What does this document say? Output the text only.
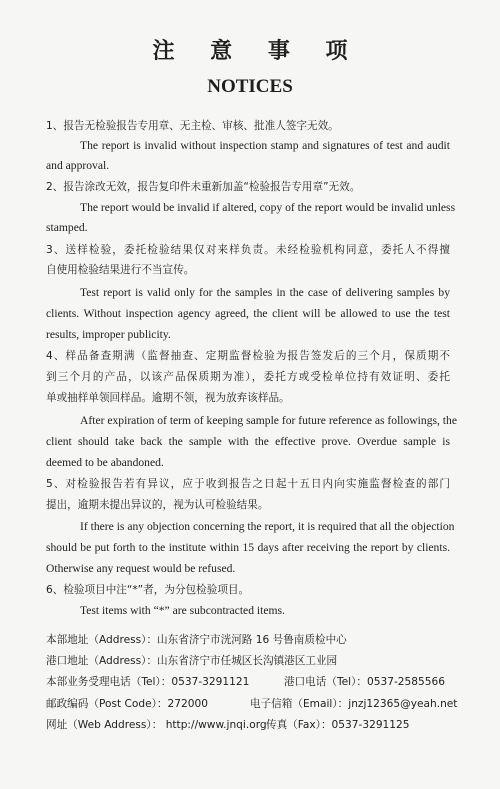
注 意 事 项
NOTICES
1、报告无检验报告专用章、无主检、审核、批准人签字无效。
The report is invalid without inspection stamp and signatures of test and audit
and approval.
2、报告涂改无效，报告复印件未重新加盖“检验报告专用章”无效。
The report would be invalid if altered, copy of the report would be invalid unless
stamped.
3、送样检验，委托检验结果仅对来样负责。未经检验机构同意，委托人不得擅
自使用检验结果进行不当宣传。
Test report is valid only for the samples in the case of delivering samples by
clients. Without inspection agency agreed, the client will be allowed to use the test
results, improper publicity.
4、样品备查期满（监督抽查、定期监督检验为报告签发后的三个月，保质期不
到三个月的产品，以该产品保质期为准），委托方或受检单位持有效证明、委托
单或抽样单领回样品。逾期不领，视为放弃该样品。
After expiration of term of keeping sample for future reference as followings, the
client should take back the sample with the effective prove. Overdue sample is
deemed to be abandoned.
5、对检验报告若有异议，应于收到报告之日起十五日内向实施监督检查的部门
提出，逾期未提出异议的，视为认可检验结果。
If there is any objection concerning the report, it is required that all the objection
should be put forth to the institute within 15 days after receiving the report by clients.
Otherwise any request would be refused.
6、检验项目中注“*”者，为分包检验项目。
Test items with “*” are subcontracted items.
本部地址（Address）：山东省济宁市洸河路 16 号鲁南质检中心
港口地址（Address）：山东省济宁市任城区长沟镇港区工业园
本部业务受理电话（Tel）：0537-3291121	港口电话（Tel）：0537-2585566
邮政编码（Post Code）：272000	电子信箱（Email）：jnzj12365@yeah.net
网址（Web Address）： http://www.jnqi.org 传真（Fax）：0537-3291125
